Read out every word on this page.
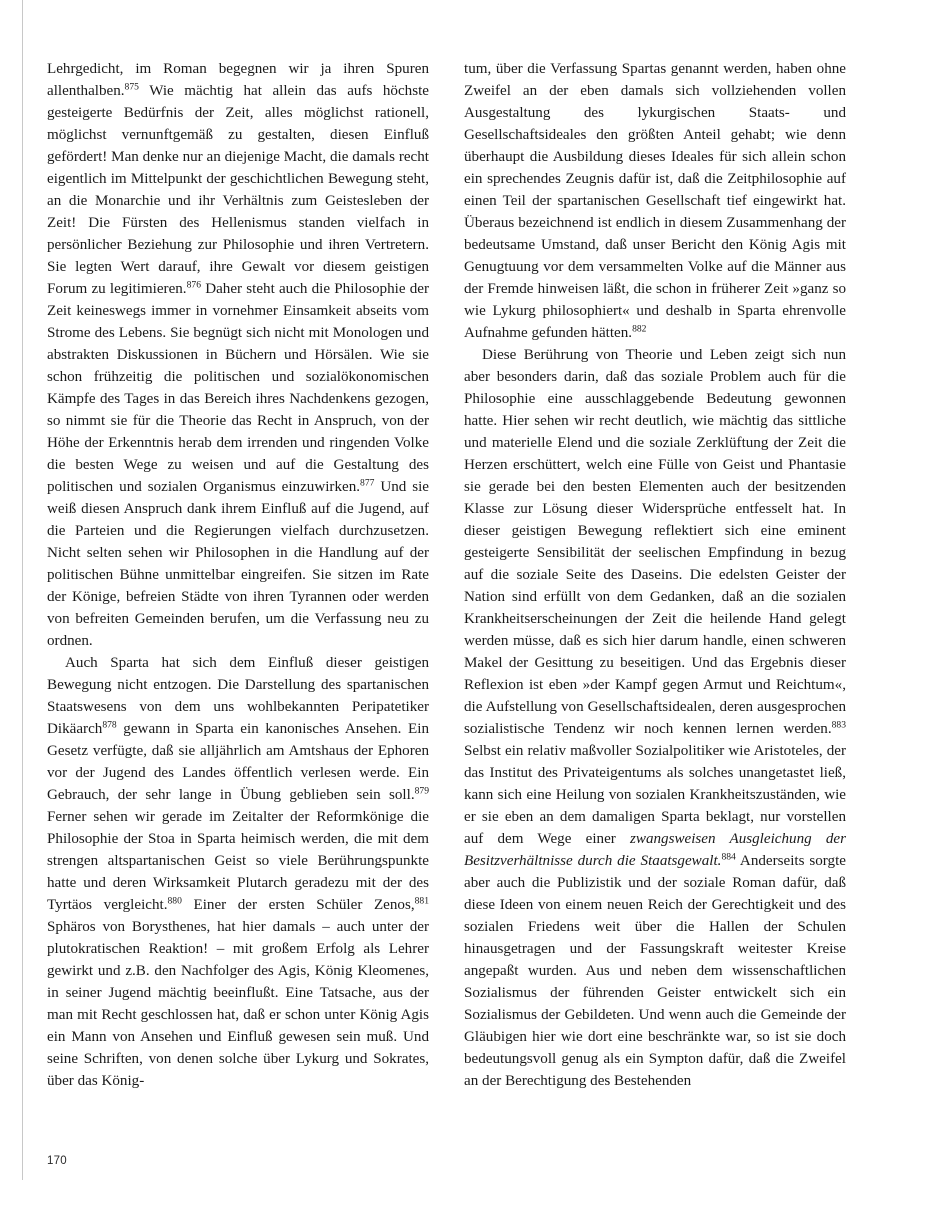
Lehrgedicht, im Roman begegnen wir ja ihren Spuren allenthalben.$^{875}$ Wie mächtig hat allein das aufs höchste gesteigerte Bedürfnis der Zeit, alles möglichst rationell, möglichst vernunftgemäß zu gestalten, diesen Einfluß gefördert! Man denke nur an diejenige Macht, die damals recht eigentlich im Mittelpunkt der geschichtlichen Bewegung steht, an die Monarchie und ihr Verhältnis zum Geistesleben der Zeit! Die Fürsten des Hellenismus standen vielfach in persönlicher Beziehung zur Philosophie und ihren Vertretern. Sie legten Wert darauf, ihre Gewalt vor diesem geistigen Forum zu legitimieren.$^{876}$ Daher steht auch die Philosophie der Zeit keineswegs immer in vornehmer Einsamkeit abseits vom Strome des Lebens. Sie begnügt sich nicht mit Monologen und abstrakten Diskussionen in Büchern und Hörsälen. Wie sie schon frühzeitig die politischen und sozialökonomischen Kämpfe des Tages in das Bereich ihres Nachdenkens gezogen, so nimmt sie für die Theorie das Recht in Anspruch, von der Höhe der Erkenntnis herab dem irrenden und ringenden Volke die besten Wege zu weisen und auf die Gestaltung des politischen und sozialen Organismus einzuwirken.$^{877}$ Und sie weiß diesen Anspruch dank ihrem Einfluß auf die Jugend, auf die Parteien und die Regierungen vielfach durchzusetzen. Nicht selten sehen wir Philosophen in die Handlung auf der politischen Bühne unmittelbar eingreifen. Sie sitzen im Rate der Könige, befreien Städte von ihren Tyrannen oder werden von befreiten Gemeinden berufen, um die Verfassung neu zu ordnen.

Auch Sparta hat sich dem Einfluß dieser geistigen Bewegung nicht entzogen. Die Darstellung des spartanischen Staatswesens von dem uns wohlbekannten Peripatetiker Dikäarch$^{878}$ gewann in Sparta ein kanonisches Ansehen. Ein Gesetz verfügte, daß sie alljährlich am Amtshaus der Ephoren vor der Jugend des Landes öffentlich verlesen werde. Ein Gebrauch, der sehr lange in Übung geblieben sein soll.$^{879}$ Ferner sehen wir gerade im Zeitalter der Reformkönige die Philosophie der Stoa in Sparta heimisch werden, die mit dem strengen altspartanischen Geist so viele Berührungspunkte hatte und deren Wirksamkeit Plutarch geradezu mit der des Tyrtäos vergleicht.$^{880}$ Einer der ersten Schüler Zenos,$^{881}$ Sphäros von Borysthenes, hat hier damals – auch unter der plutokratischen Reaktion! – mit großem Erfolg als Lehrer gewirkt und z.B. den Nachfolger des Agis, König Kleomenes, in seiner Jugend mächtig beeinflußt. Eine Tatsache, aus der man mit Recht geschlossen hat, daß er schon unter König Agis ein Mann von Ansehen und Einfluß gewesen sein muß. Und seine Schriften, von denen solche über Lykurg und Sokrates, über das König-

tum, über die Verfassung Spartas genannt werden, haben ohne Zweifel an der eben damals sich vollziehenden vollen Ausgestaltung des lykurgischen Staats- und Gesellschaftsideales den größten Anteil gehabt; wie denn überhaupt die Ausbildung dieses Ideales für sich allein schon ein sprechendes Zeugnis dafür ist, daß die Zeitphilosophie auf einen Teil der spartanischen Gesellschaft tief eingewirkt hat. Überaus bezeichnend ist endlich in diesem Zusammenhang der bedeutsame Umstand, daß unser Bericht den König Agis mit Genugtuung vor dem versammelten Volke auf die Männer aus der Fremde hinweisen läßt, die schon in früherer Zeit »ganz so wie Lykurg philosophiert« und deshalb in Sparta ehrenvolle Aufnahme gefunden hätten.$^{882}$

Diese Berührung von Theorie und Leben zeigt sich nun aber besonders darin, daß das soziale Problem auch für die Philosophie eine ausschlaggebende Bedeutung gewonnen hatte. Hier sehen wir recht deutlich, wie mächtig das sittliche und materielle Elend und die soziale Zerklüftung der Zeit die Herzen erschüttert, welch eine Fülle von Geist und Phantasie sie gerade bei den besten Elementen auch der besitzenden Klasse zur Lösung dieser Widersprüche entfesselt hat. In dieser geistigen Bewegung reflektiert sich eine eminent gesteigerte Sensibilität der seelischen Empfindung in bezug auf die soziale Seite des Daseins. Die edelsten Geister der Nation sind erfüllt von dem Gedanken, daß an die sozialen Krankheitserscheinungen der Zeit die heilende Hand gelegt werden müsse, daß es sich hier darum handle, einen schweren Makel der Gesittung zu beseitigen. Und das Ergebnis dieser Reflexion ist eben »der Kampf gegen Armut und Reichtum«, die Aufstellung von Gesellschaftsidealen, deren ausgesprochen sozialistische Tendenz wir noch kennen lernen werden.$^{883}$ Selbst ein relativ maßvoller Sozialpolitiker wie Aristoteles, der das Institut des Privateigentums als solches unangetastet ließ, kann sich eine Heilung von sozialen Krankheitszuständen, wie er sie eben an dem damaligen Sparta beklagt, nur vorstellen auf dem Wege einer zwangsweisen Ausgleichung der Besitzverhältnisse durch die Staatsgewalt.$^{884}$ Anderseits sorgte aber auch die Publizistik und der soziale Roman dafür, daß diese Ideen von einem neuen Reich der Gerechtigkeit und des sozialen Friedens weit über die Hallen der Schulen hinausgetragen und der Fassungskraft weitester Kreise angepaßt wurden. Aus und neben dem wissenschaftlichen Sozialismus der führenden Geister entwickelt sich ein Sozialismus der Gebildeten. Und wenn auch die Gemeinde der Gläubigen hier wie dort eine beschränkte war, so ist sie doch bedeutungsvoll genug als ein Sympton dafür, daß die Zweifel an der Berechtigung des Bestehenden

170
